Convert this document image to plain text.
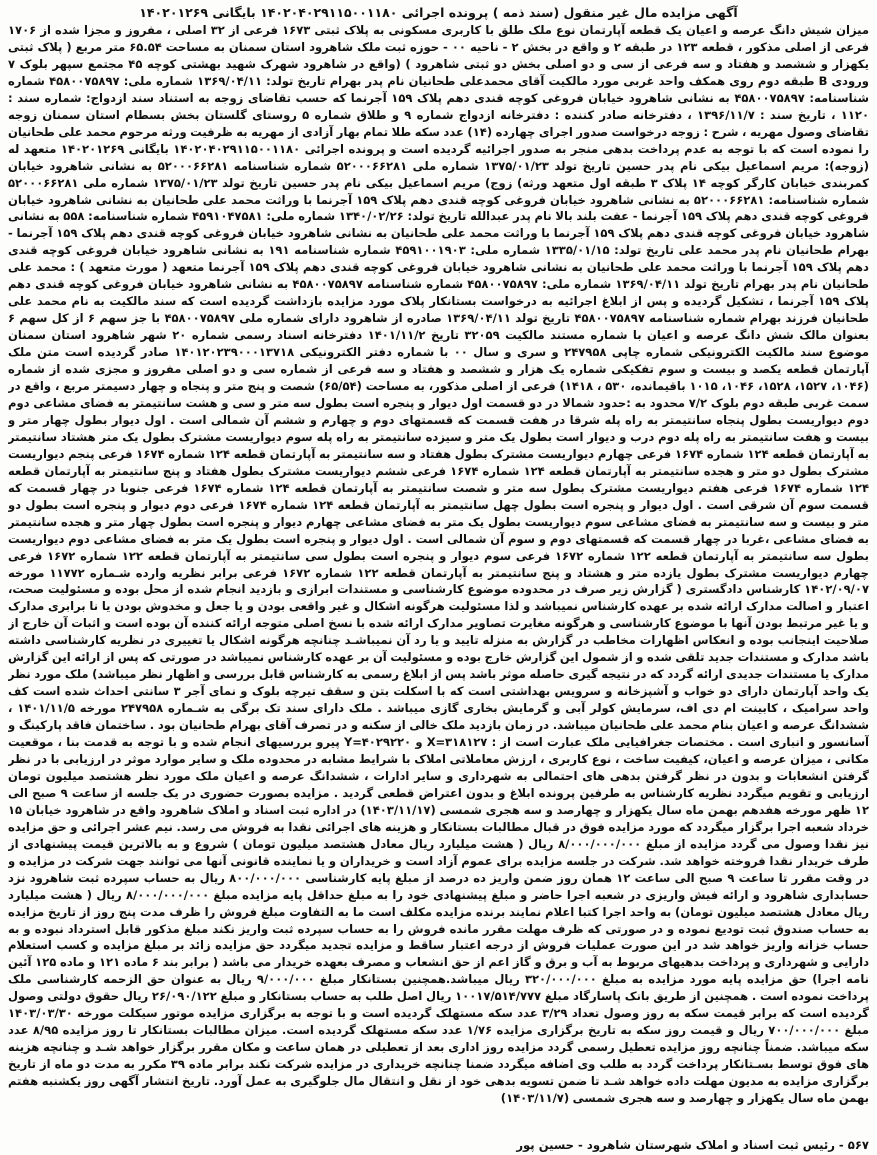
آگهی مزایده مال غیر منقول (سند ذمه ) پرونده اجرائی ۱۴۰۲۰۴۰۲۹۱۱۵۰۰۱۱۸۰ بایگانی ۱۴۰۲۰۱۲۶۹

میزان شیش دانگ عرصه و اعیان یک قطعه آپارتمان نوع ملک طلق با کاربری مسکونی به پلاک ثبتی ۱۶۷۳ فرعی از ۳۲ اصلی ، مفروز و مجزا شده از ۱۷۰۶ فرعی از اصلی مذکور ، قطعه ۱۲۳ در طبقه ۲ و واقع در بخش ۲ - ناحیه ۰۰ - حوزه ثبت ملک شاهرود استان سمنان به مساحت ۶۵.۵۴ متر مربع ( پلاک ثبتی یکهزار و ششصد و هفتاد و سه فرعی از سی و دو اصلی بخش دو ثبتی شاهرود ) (واقع در شاهرود شهرک شهید بهشتی کوچه ۴۵ مجتمع سپهر بلوک ۷ ورودی B طبقه دوم روی همکف واحد غربی مورد مالکیت آقای محمدعلی طحانیان نام پدر بهرام تاریخ تولد: ۱۳۶۹/۰۴/۱۱ شماره ملی: ۴۵۸۰۰۷۵۸۹۷ شماره شناسنامه: ۴۵۸۰۰۷۵۸۹۷ به نشانی شاهرود خیابان فروغی کوچه قندی دهم پلاک ۱۵۹ آجرنما که حسب تقاضای زوجه به استناد سند ازدواج: شماره سند : ۱۱۲۰ ، تاریخ سند : ۱۳۹۶/۱۱/۷ ، دفترخانه صادر کننده : دفترخانه ازدواج شماره ۹ و طلاق شماره ۵ روستای گلستان بخش بسطام استان سمنان زوجه تقاضای وصول مهریه ، شرح : زوجه درخواست صدور اجرای چهارده (۱۴) عدد سکه طلا تمام بهار آزادی از مهریه به ظرفیت ورثه مرحوم محمد علی طحانیان را نموده است که با توجه به عدم پرداخت بدهی منجر به صدور اجرائیه گردیده است و پرونده اجرائی ۱۴۰۲۰۴۰۲۹۱۱۵۰۰۱۱۸۰ بایگانی ۱۴۰۲۰۱۲۶۹ متعهد له (زوجه): مریم اسماعیل بیکی نام پدر حسین تاریخ تولد ۱۳۷۵/۰۱/۲۳ شماره ملی ۵۲۰۰۰۶۶۲۸۱ شماره شناسنامه ۵۲۰۰۰۶۶۲۸۱ به نشانی شاهرود خیابان کمربندی خیابان کارگر کوچه ۱۴ پلاک ۳ طبقه اول متعهد ورثه) زوج) مریم اسماعیل بیکی نام پدر حسین تاریخ تولد ۱۳۷۵/۰۱/۲۳ شماره ملی ۵۲۰۰۰۶۶۲۸۱ شماره شناسنامه: ۵۲۰۰۰۶۶۲۸۱ به نشانی شاهرود خیابان فروغی کوچه قندی دهم پلاک ۱۵۹ آجرنما با وراثت محمد علی طحانیان به نشانی شاهرود خیابان فروغی کوچه قندی دهم پلاک ۱۵۹ آجرنما - عفت بلند بالا نام پدر عبدالله تاریخ تولد: ۱۳۴۰/۰۲/۲۶ شماره ملی: ۴۵۹۱۰۴۷۵۸۱ شماره شناسنامه: ۵۵۸ به نشانی شاهرود خیابان فروغی کوچه قندی دهم پلاک ۱۵۹ آجرنما با وراثت محمد علی طحانیان به نشانی شاهرود خیابان فروغی کوچه قندی دهم پلاک ۱۵۹ آجرنما - بهرام طحانیان نام پدر محمد علی تاریخ تولد: ۱۳۳۵/۰۱/۱۵ شماره ملی: ۴۵۹۱۰۰۱۹۰۳ شماره شناسنامه ۱۹۱ به نشانی شاهرود خیابان فروغی کوچه قندی دهم پلاک ۱۵۹ آجرنما با وراثت محمد علی طحانیان به نشانی شاهرود خیابان فروغی کوچه قندی دهم پلاک ۱۵۹ آجرنما متعهد ( مورث متعهد ) : محمد علی طحانیان نام پدر بهرام تاریخ تولد ۱۳۶۹/۰۴/۱۱ شماره ملی: ۴۵۸۰۰۷۵۸۹۷ شماره شناسنامه ۴۵۸۰۰۷۵۸۹۷ به نشانی شاهرود خیابان فروغی کوچه قندی دهم پلاک ۱۵۹ آجرنما ، تشکیل گردیده و پس از ابلاغ اجرائیه به درخواست بستانکار پلاک مورد مزایده بازداشت گردیده است که سند مالکیت به نام محمد علی طحانیان فرزند بهرام شماره شناسنامه ۴۵۸۰۰۷۵۸۹۷ تاریخ تولد ۱۳۶۹/۰۴/۱۱ صادره از شاهرود دارای شماره ملی ۴۵۸۰۰۷۵۸۹۷ با جز سهم ۶ از کل سهم ۶ بعنوان مالک شش دانگ عرصه و اعیان با شماره مستند مالکیت ۳۲۰۵۹ تاریخ ۱۴۰۱/۱۱/۲ دفترخانه اسناد رسمی شماره ۲۰ شهر شاهرود استان سمنان موضوع سند مالکیت الکترونیکی شماره چاپی ۲۴۷۹۵۸ و سری و سال ۰۰ با شماره دفتر الکترونیکی ۱۴۰۱۲۰۲۳۹۰۰۰۱۳۷۱۸ صادر گردیده است متن ملک آپارتمان قطعه یکصد و بیست و سوم تفکیکی شماره یک هزار و ششصد و هفتاد و سه فرعی از شماره سی و دو اصلی مفروز و مجزی شده از شماره (۱۰۴۶، ۱۵۲۷، ۱۵۲۸، ۱۰۴۶، ۱۰۱۵ باقیمانده، ۵۳۰ ، ۱۴۱۸) فرعی از اصلی مذکور، به مساحت (۶۵/۵۴) شصت و پنج متر و پنجاه و چهار دسیمتر مربع ، واقع در سمت غربی طبقه دوم بلوک ۷/۲ محدود به :حدود شمالا در دو قسمت اول دیوار و پنجره است بطول سه متر و سی و هشت سانتیمتر به فضای مشاعی دوم دوم دیواریست بطول پنجاه سانتیمتر به راه پله شرقا در هفت قسمت که قسمتهای دوم و چهارم و ششم آن شمالی است . اول دیوار بطول چهار متر و بیست و هفت سانتیمتر به راه پله دوم درب و دیوار است بطول یک متر و سیزده سانتیمتر به راه پله سوم دیواریست مشترک بطول یک متر هشتاد سانتیمتر به آپارتمان قطعه ۱۲۴ شماره ۱۶۷۴ فرعی چهارم دیواریست مشترک بطول هفتاد و سه سانتیمتر به آپارتمان قطعه ۱۲۴ شماره ۱۶۷۴ فرعی پنجم دیواریست مشترک بطول دو متر و هجده سانتیمتر به آپارتمان قطعه ۱۲۴ شماره ۱۶۷۴ فرعی ششم دیواریست مشترک بطول هفتاد و پنج سانتیمتر به آپارتمان قطعه ۱۲۴ شماره ۱۶۷۴ فرعی هفتم دیواریست مشترک بطول سه متر و شصت سانتیمتر به آپارتمان قطعه ۱۲۴ شماره ۱۶۷۴ فرعی جنوبا در چهار قسمت که قسمت سوم آن شرقی است . اول دیوار و پنجره است بطول چهل سانتیمتر به آپارتمان قطعه ۱۲۴ شماره ۱۶۷۴ فرعی دوم دیوار و پنجره است بطول دو متر و بیست و سه سانتیمتر به فضای مشاعی سوم دیواریست بطول یک متر به فضای مشاعی چهارم دیوار و پنجره است بطول چهار متر و هجده سانتیمتر به فضای مشاعی ،غربا در چهار قسمت که قسمتهای دوم و سوم آن شمالی است . اول دیوار و پنجره است بطول یک متر به فضای مشاعی دوم دیواریست بطول سه سانتیمتر به آپارتمان قطعه ۱۲۲ شماره ۱۶۷۲ فرعی سوم دیوار و پنجره است بطول سی سانتیمتر به آپارتمان قطعه ۱۲۲ شماره ۱۶۷۲ فرعی چهارم دیواریست مشترک بطول یازده متر و هشتاد و پنج سانتیمتر به آپارتمان قطعه ۱۲۲ شماره ۱۶۷۲ فرعی برابر نظریه وارده شـماره ۱۱۷۷۲ مورخه ۱۴۰۲/۰۹/۰۷ کارشناس دادگستری ( گزارش زیر صرف در محدوده موضوع کارشناسی و مستندات ابرازی و بازدید انجام شده از محل بوده و مسئولیت صحت، اعتبار و اصالت مدارک ارائه شده بر عهده کارشناس نمیباشد و لذا مسئولیت هرگونه اشکال و غیر واقعی بودن و یا جعل و مخدوش بودن یا نا برابری مدارک و یا غیر مرتبط بودن آنها با موضوع کارشناسی و هرگونه مغایرت تصاویر مدارک ارائه شده با نسخ اصلی متوجه ارائه کننده آن بوده است و اثبات آن خارج از صلاحیت اینجانب بوده و انعکاس اظهارات مخاطب در گزارش به منزله تایید و یا رد آن نمیباشـد چنانچه هرگونه اشکال یا تغییری در نظریه کارشناسی داشته باشد مدارک و مستندات جدید تلقی شده و از شمول این گزارش خارج بوده و مسئولیت آن بر عهده کارشناس نمیباشد در صورتی که پس از ارائه این گزارش مدارک یا مستندات جدیدی ارائه گردد که در نتیجه گیری حاصله موثر باشد پس از ابلاغ رسمی به کارشناس قابل بررسی و اظهار نظر میباشد) ملک مورد نظر یک واحد آپارتمان دارای دو خواب و آشپزخانه و سرویس بهداشتی است که با اسکلت بتن و سقف تیرچه بلوک و نمای آجر ۳ سانتی احداث شده است کف واحد سرامیک ، کابینت ام دی اف، سرمایش کولر آبی و گرمایش بخاری گازی میباشد . ملک دارای سند تک برگی به شـماره ۲۴۷۹۵۸ مورخه ۱۴۰۱/۱۱/۵ ، ششدانگ عرصه و اعیان بنام محمد علی طحانیان میباشد. در زمان بازدید ملک خالی از سکنه و در تصرف آقای بهرام طحانیان بود . ساختمان فاقد پارکینگ و آسانسور و انباری است . مختصات جغرافیایی ملک عبارت است از : X=۳۱۸۱۲۷ و Y=۴۰۲۹۲۲۰ پیرو بررسیهای انجام شده و با توجه به قدمت بنا ، موقعیت مکانی ، میزان عرصه و اعیان، کیفیت ساخت ، نوع کاربری ، ارزش معاملاتی املاک با شرایط مشابه در محدوده ملک و سایر موارد موثر در ارزیابی با در نظر گرفتن انشعابات و بدون در نظر گرفتن بدهی های احتمالی به شهرداری و سایر ادارات ، ششدانگ عرصه و اعیان ملک مورد نظر هشتصد میلیون تومان ارزیابی و تقویم میگردد نظریه کارشناس به طرفین پرونده ابلاغ و بدون اعتراض قطعی گردید . مزایده بصورت حضوری در یک جلسه از ساعت ۹ صبح الی ۱۲ ظهر مورخه هفدهم بهمن ماه سال یکهزار و چهارصد و سه هجری شمسی (۱۴۰۳/۱۱/۱۷) در اداره ثبت اسناد و املاک شاهرود واقع در شاهرود خیابان ۱۵ خرداد شعبه اجرا برگزار میگردد که مورد مزایده فوق در قبال مطالبات بستانکار و هزینه های اجرائی نقدا به فروش می رسد. نیم عشر اجرائی و حق مزایده نیز نقدا وصول می گردد مزایده از مبلغ ۸/۰۰۰/۰۰۰/۰۰۰ ریال ( هشت میلیارد ریال معادل هشتصد میلیون تومان ) شروع و به بالاترین قیمت پیشنهادی از طرف خریدار نقدا فروخته خواهد شد. شرکت در جلسه مزایده برای عموم آزاد است و خریداران و یا نماینده قانونی آنها می توانند جهت شرکت در مزایده و در وقت مقرر تا ساعت ۹ صبح الی ساعت ۱۲ همان روز ضمن واریز ده درصد از مبلغ پایه کارشناسی ۸۰۰/۰۰۰/۰۰۰ ریال به حساب سپرده ثبت شاهرود نزد حسابداری شاهرود و ارائه فیش واریزی در شعبه اجرا حاضر و مبلغ پیشنهادی خود را به مبلغ حداقل پایه مزایده مبلغ ۸/۰۰۰/۰۰۰/۰۰۰ ریال ( هشت میلیارد ریال معادل هشتصد میلیون تومان) به واحد اجرا کتبا اعلام نمایند برنده مزایده مکلف است ما به التفاوت مبلغ فروش را ظرف مدت پنج روز از تاریخ مزایده به حساب صندوق ثبت تودیع نموده و در صورتی که ظرف مهلت مقرر مانده فروش را به حساب سپرده ثبت واریز نکند مبلغ مذکور قابل استرداد نبوده و به حساب خزانه واریز خواهد شد در این صورت عملیات فروش از درجه اعتبار ساقط و مزایده تجدید میگردد حق مزایده زائد بر مبلغ مزایده و کسب استعلام دارایی و شهرداری و پرداخت بدهیهای مربوط به آب و برق و گاز اعم از حق انشعاب و مصرف بعهده خریدار می باشد ( برابر بند ۶ ماده ۱۲۱ و ماده ۱۲۵ آئین نامه اجرا) حق مزایده پایه مورد مزایده به مبلغ ۳۲۰/۰۰۰/۰۰۰ ریال میباشد.همچنین بستانکار مبلغ ۹/۰۰۰/۰۰۰ ریال به عنوان حق الزحمه کارشناسی ملک پرداخت نموده است . همچنین از طریق بانک پاسارگاد مبلغ ۱۰۰۱۷/۵۱۴/۷۷۷ ریال اصل طلب به حساب بستانکار و مبلغ ۲۶/۰۹۰/۱۲۲ ریال حقوق دولتی وصول گردیده است که برابر قیمت سکه به روز وصول تعداد ۳/۲۹ عدد سکه مستهلک گردیده است و با توجه به برگزاری مزایده موتور سیکلت مورخه ۱۴۰۳/۰۳/۳۰ مبلغ ۷۰۰/۰۰۰/۰۰۰ ریال و قیمت روز سکه به تاریخ برگزاری مزایده ۱/۷۶ عدد سکه مستهلک گردیده است. میزان مطالبات بستانکار تا روز مزایده ۸/۹۵ عدد سکه میباشد. ضمناً چنانچه روز مزایده تعطیل رسمی گردد مزایده روز اداری بعد از تعطیلی در همان ساعت و مکان مقرر برگزار خواهد شـد و چنانچه هزینه های فوق توسط بسـتانکار پرداخت گردد به طلب وی اضافه میگردد ضمنا چنانچه خریداری در مزایده شرکت نکند برابر ماده ۳۹ مکرر به مدت دو ماه از تاریخ برگزاری مزایده به مدیون مهلت داده خواهد شـد تا ضمن تسویه بدهی خود از نقل و انتقال مال جلوگیری به عمل آورد. تاریخ انتشار آگهی روز یکشنبه هفتم بهمن ماه سال یکهزار و چهارصد و سه هجری شمسی (۱۴۰۳/۱۱/۷)

۵۶۷ - رئیس ثبت اسناد و املاک شهرستان شاهرود - حسین پور
